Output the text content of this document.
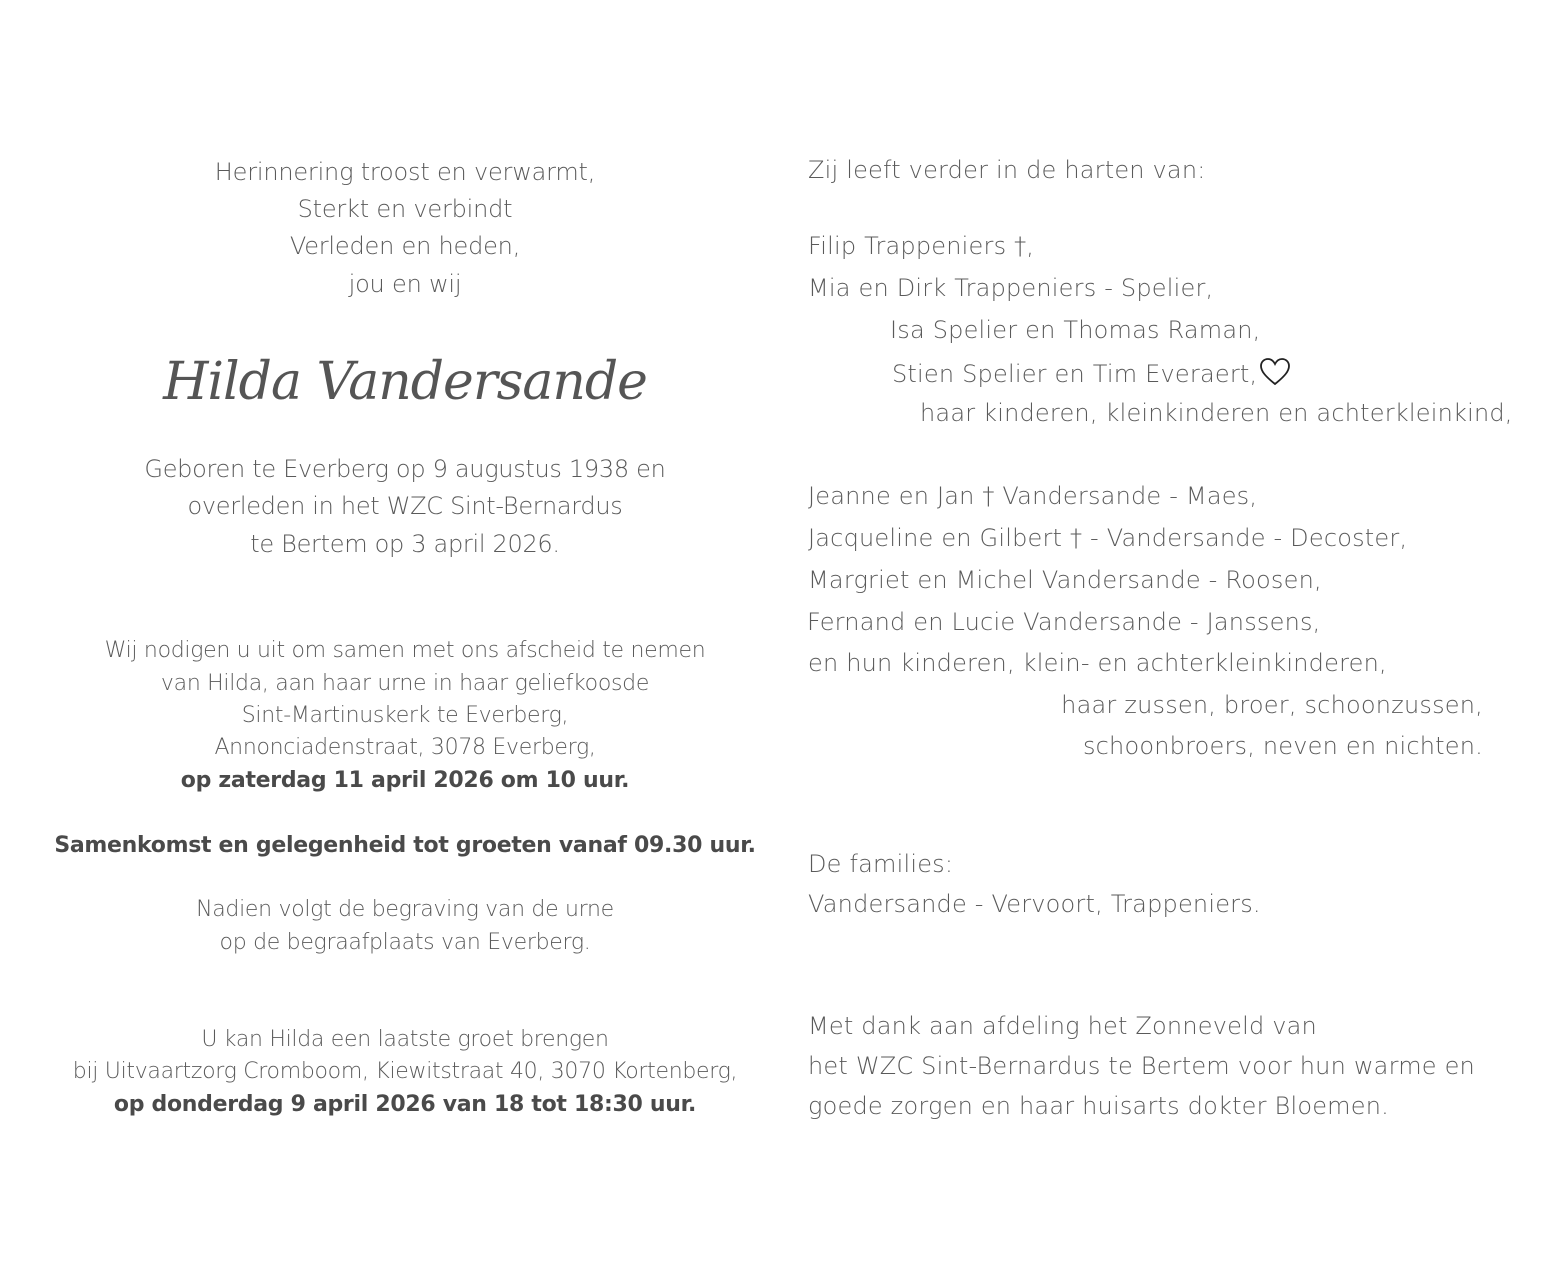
Herinnering troost en verwarmt,

Sterkt en verbindt

Verleden en heden,

jou en wij

Hilda Vandersande

Geboren te Everberg op 9 augustus 1938 en

overleden in het WZC Sint-Bernardus

te Bertem op 3 april 2026.

Wij nodigen u uit om samen met ons afscheid te nemen

van Hilda, aan haar urne in haar geliefkoosde

Sint-Martinuskerk te Everberg,

Annonciadenstraat, 3078 Everberg,

op zaterdag 11 april 2026 om 10 uur.

Samenkomst en gelegenheid tot groeten vanaf 09.30 uur.

Nadien volgt de begraving van de urne

op de begraafplaats van Everberg.

U kan Hilda een laatste groet brengen

bij Uitvaartzorg Cromboom, Kiewitstraat 40, 3070 Kortenberg,

op donderdag 9 april 2026 van 18 tot 18:30 uur.

Zij leeft verder in de harten van:

Filip Trappeniers †,

Mia en Dirk Trappeniers - Spelier,

Isa Spelier en Thomas Raman,

Stien Spelier en Tim Everaert,

haar kinderen, kleinkinderen en achterkleinkind,

Jeanne en Jan † Vandersande - Maes,

Jacqueline en Gilbert † - Vandersande - Decoster,

Margriet en Michel Vandersande - Roosen,

Fernand en Lucie Vandersande - Janssens,

en hun kinderen, klein- en achterkleinkinderen,

haar zussen, broer, schoonzussen,

schoonbroers, neven en nichten.

De families:

Vandersande - Vervoort, Trappeniers.

Met dank aan afdeling het Zonneveld van

het WZC Sint-Bernardus te Bertem voor hun warme en

goede zorgen en haar huisarts dokter Bloemen.
